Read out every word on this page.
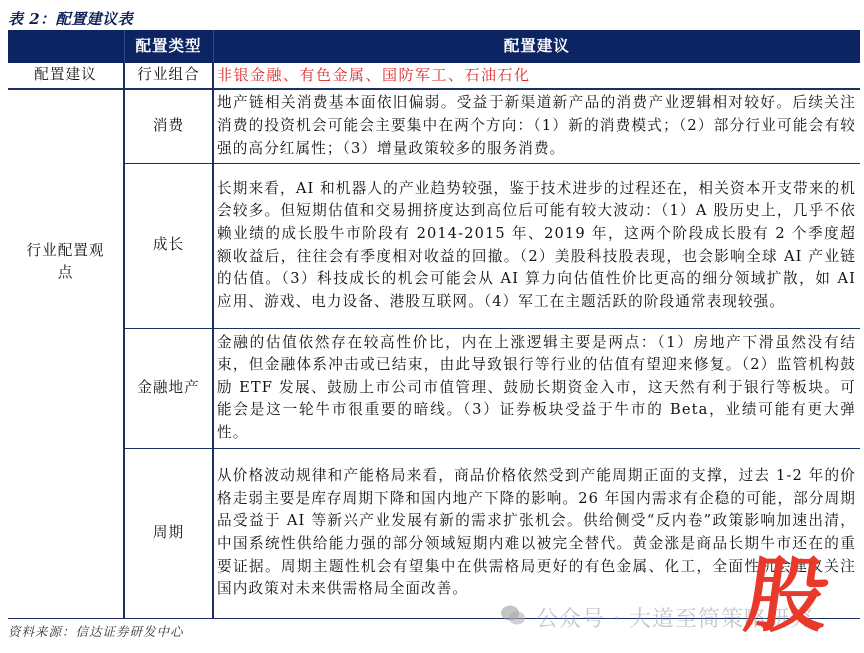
表 2：配置建议表
	配置类型	配置建议
配置建议	行业组合	非银金融、有色金属、国防军工、石油石化
行业配置观点	消费	地产链相关消费基本面依旧偏弱。受益于新渠道新产品的消费产业逻辑相对较好。后续关注消费的投资机会可能会主要集中在两个方向：（1）新的消费模式；（2）部分行业可能会有较强的高分红属性；（3）增量政策较多的服务消费。
	成长	长期来看，AI 和机器人的产业趋势较强，鉴于技术进步的过程还在，相关资本开支带来的机会较多。但短期估值和交易拥挤度达到高位后可能有较大波动：（1）A 股历史上，几乎不依赖业绩的成长股牛市阶段有 2014-2015 年、2019 年，这两个阶段成长股有 2 个季度超额收益后，往往会有季度相对收益的回撤。（2）美股科技股表现，也会影响全球 AI 产业链的估值。（3）科技成长的机会可能会从 AI 算力向估值性价比更高的细分领域扩散，如 AI 应用、游戏、电力设备、港股互联网。（4）军工在主题活跃的阶段通常表现较强。
	金融地产	金融的估值依然存在较高性价比，内在上涨逻辑主要是两点：（1）房地产下滑虽然没有结束，但金融体系冲击或已结束，由此导致银行等行业的估值有望迎来修复。（2）监管机构鼓励 ETF 发展、鼓励上市公司市值管理、鼓励长期资金入市，这天然有利于银行等板块。可能会是这一轮牛市很重要的暗线。（3）证券板块受益于牛市的 Beta，业绩可能有更大弹性。
	周期	从价格波动规律和产能格局来看，商品价格依然受到产能周期正面的支撑，过去 1-2 年的价格走弱主要是库存周期下降和国内地产下降的影响。26 年国内需求有企稳的可能，部分周期品受益于 AI 等新兴产业发展有新的需求扩张机会。供给侧受“反内卷”政策影响加速出清，中国系统性供给能力强的部分领域短期内难以被完全替代。黄金涨是商品长期牛市还在的重要证据。周期主题性机会有望集中在供需格局更好的有色金属、化工，全面性机会建议关注国内政策对未来供需格局全面改善。
资料来源：信达证券研发中心	公众号 · 大道至简策略研究
股
